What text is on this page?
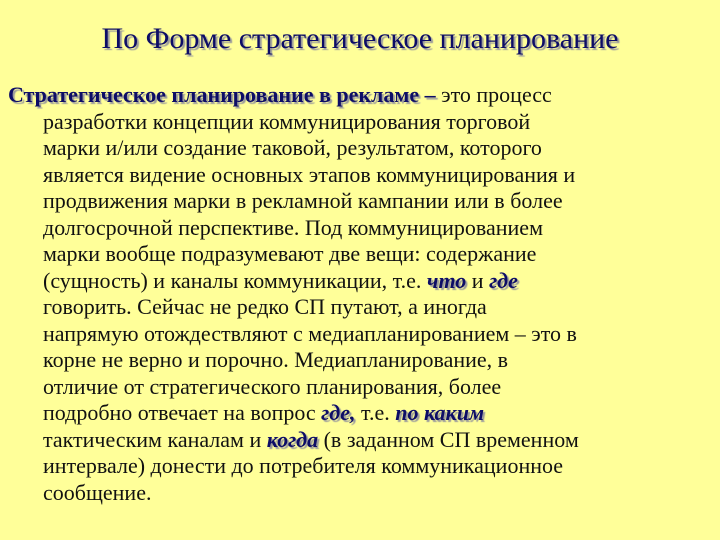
По Форме стратегическое планирование
Стратегическое планирование в рекламе – это процесс
разработки концепции коммуницирования торговой
марки и/или создание таковой, результатом, которого
является видение основных этапов коммуницирования и
продвижения марки в рекламной кампании или в более
долгосрочной перспективе. Под коммуницированием
марки вообще подразумевают две вещи: содержание
(сущность) и каналы коммуникации, т.е. что и где
говорить. Сейчас не редко СП путают, а иногда
напрямую отождествляют с медиапланированием – это в
корне не верно и порочно. Медиапланирование, в
отличие от стратегического планирования, более
подробно отвечает на вопрос где, т.е. по каким
тактическим каналам и когда (в заданном СП временном
интервале) донести до потребителя коммуникационное
сообщение.
